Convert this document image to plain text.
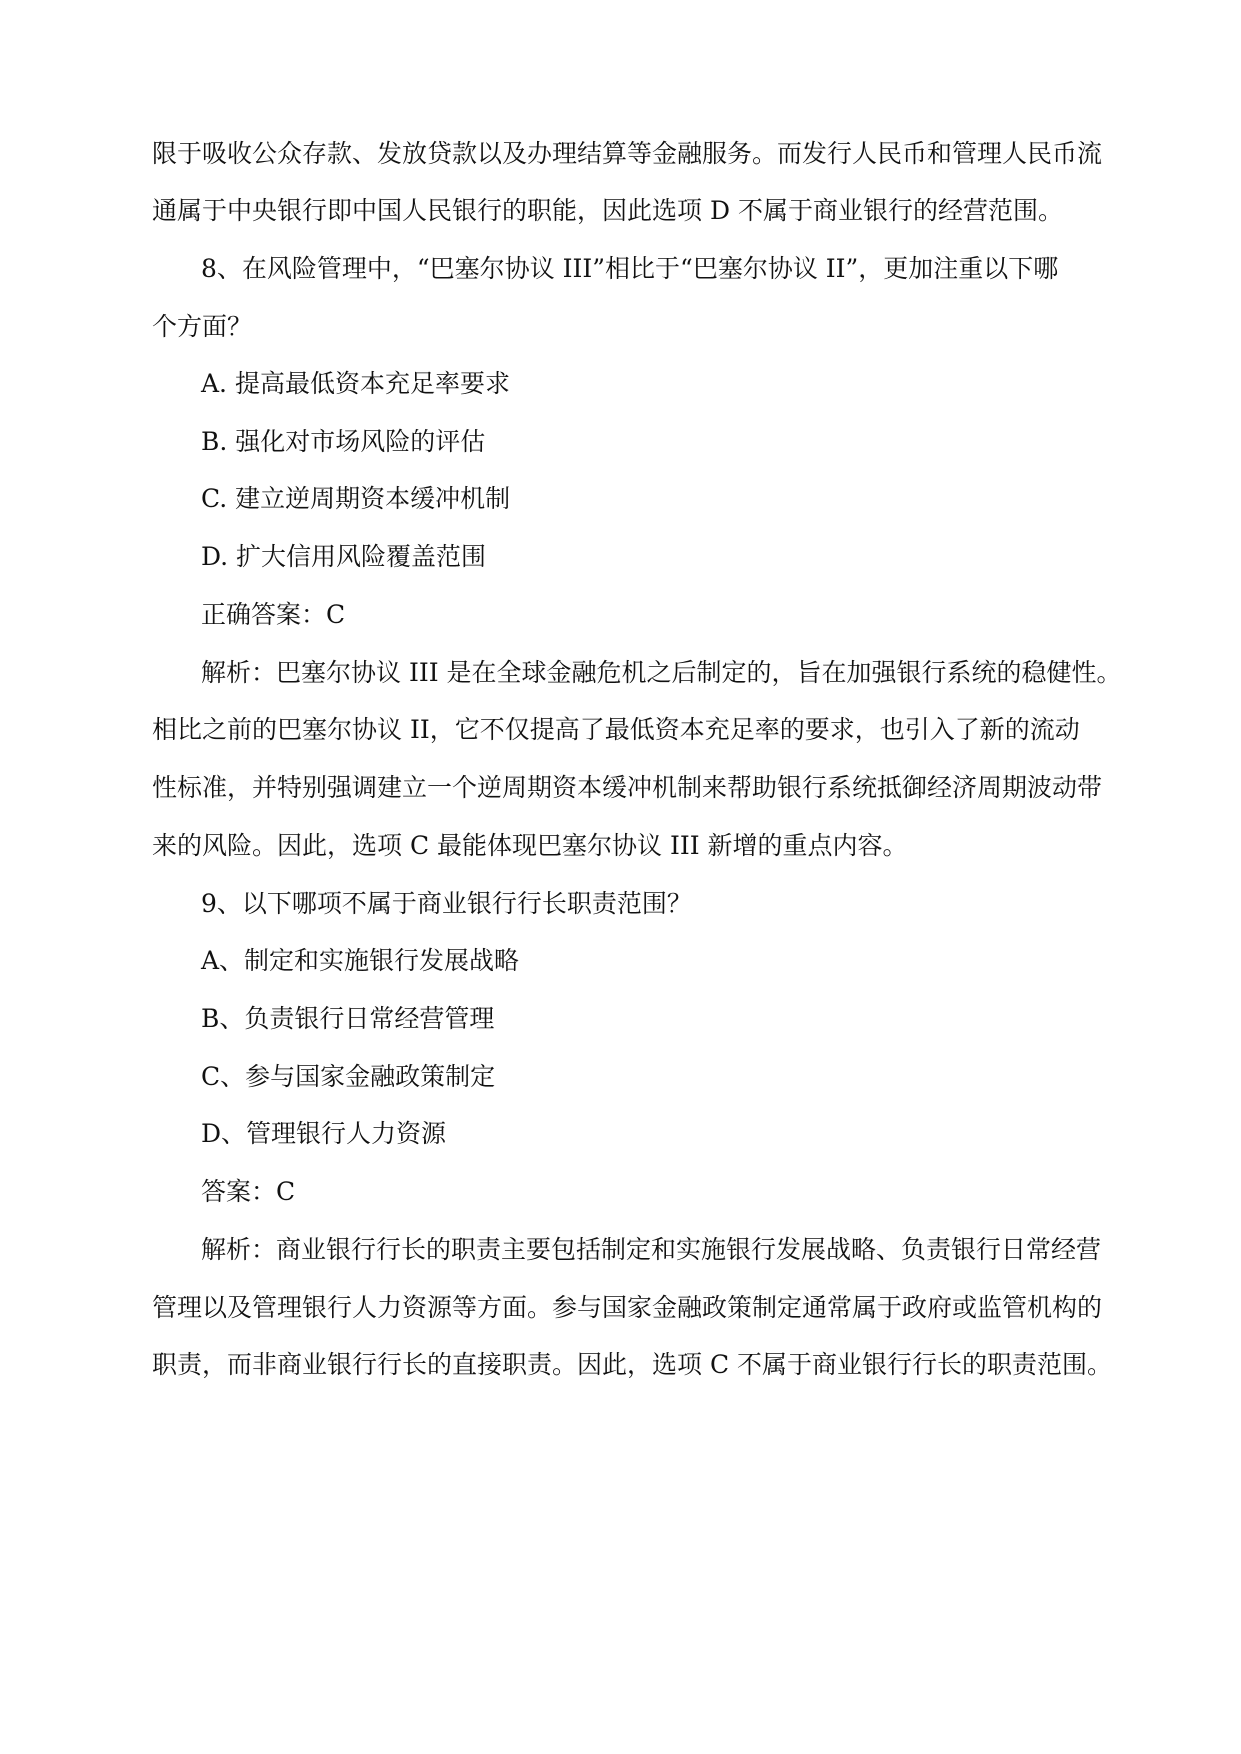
限于吸收公众存款、发放贷款以及办理结算等金融服务。而发行人民币和管理人民币流
通属于中央银行即中国人民银行的职能，因此选项 D 不属于商业银行的经营范围。
8、在风险管理中，“巴塞尔协议 III”相比于“巴塞尔协议 II”，更加注重以下哪
个方面？
A. 提高最低资本充足率要求
B. 强化对市场风险的评估
C. 建立逆周期资本缓冲机制
D. 扩大信用风险覆盖范围
正确答案：C
解析：巴塞尔协议 III 是在全球金融危机之后制定的，旨在加强银行系统的稳健性。
相比之前的巴塞尔协议 II，它不仅提高了最低资本充足率的要求，也引入了新的流动
性标准，并特别强调建立一个逆周期资本缓冲机制来帮助银行系统抵御经济周期波动带
来的风险。因此，选项 C 最能体现巴塞尔协议 III 新增的重点内容。
9、以下哪项不属于商业银行行长职责范围？
A、制定和实施银行发展战略
B、负责银行日常经营管理
C、参与国家金融政策制定
D、管理银行人力资源
答案：C
解析：商业银行行长的职责主要包括制定和实施银行发展战略、负责银行日常经营
管理以及管理银行人力资源等方面。参与国家金融政策制定通常属于政府或监管机构的
职责，而非商业银行行长的直接职责。因此，选项 C 不属于商业银行行长的职责范围。
